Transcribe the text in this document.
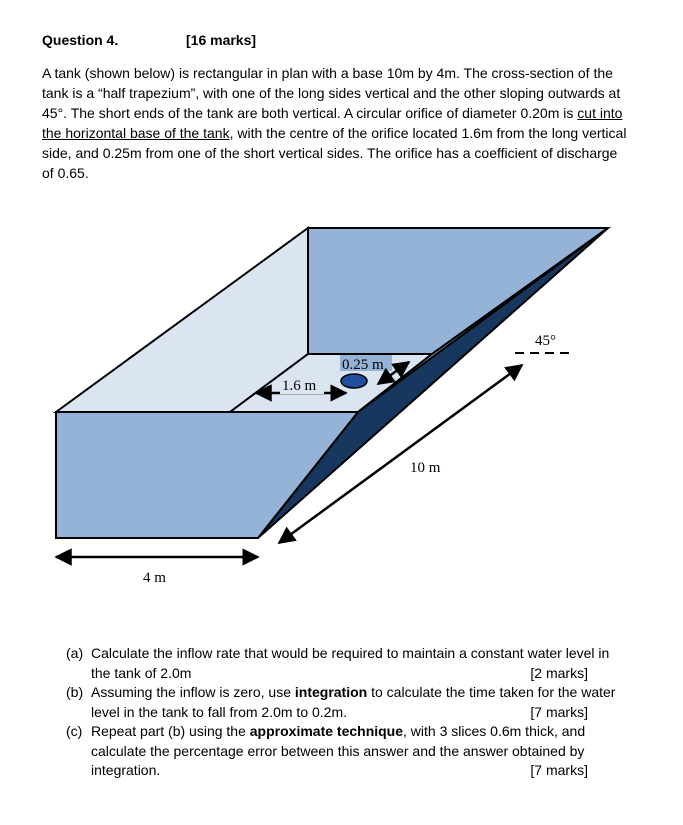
Question 4.	[16 marks]

A tank (shown below) is rectangular in plan with a base 10m by 4m. The cross-section of the tank is a “half trapezium”, with one of the long sides vertical and the other sloping outwards at 45°. The short ends of the tank are both vertical. A circular orifice of diameter 0.20m is cut into the horizontal base of the tank, with the centre of the orifice located 1.6m from the long vertical side, and 0.25m from one of the short vertical sides. The orifice has a coefficient of discharge of 0.65.

1.6 m
0.25 m
45°
10 m
4 m
(a) Calculate the inflow rate that would be required to maintain a constant water level in the tank of 2.0m	[2 marks]
(b) Assuming the inflow is zero, use integration to calculate the time taken for the water level in the tank to fall from 2.0m to 0.2m.	[7 marks]
(c) Repeat part (b) using the approximate technique, with 3 slices 0.6m thick, and calculate the percentage error between this answer and the answer obtained by integration.	[7 marks]
